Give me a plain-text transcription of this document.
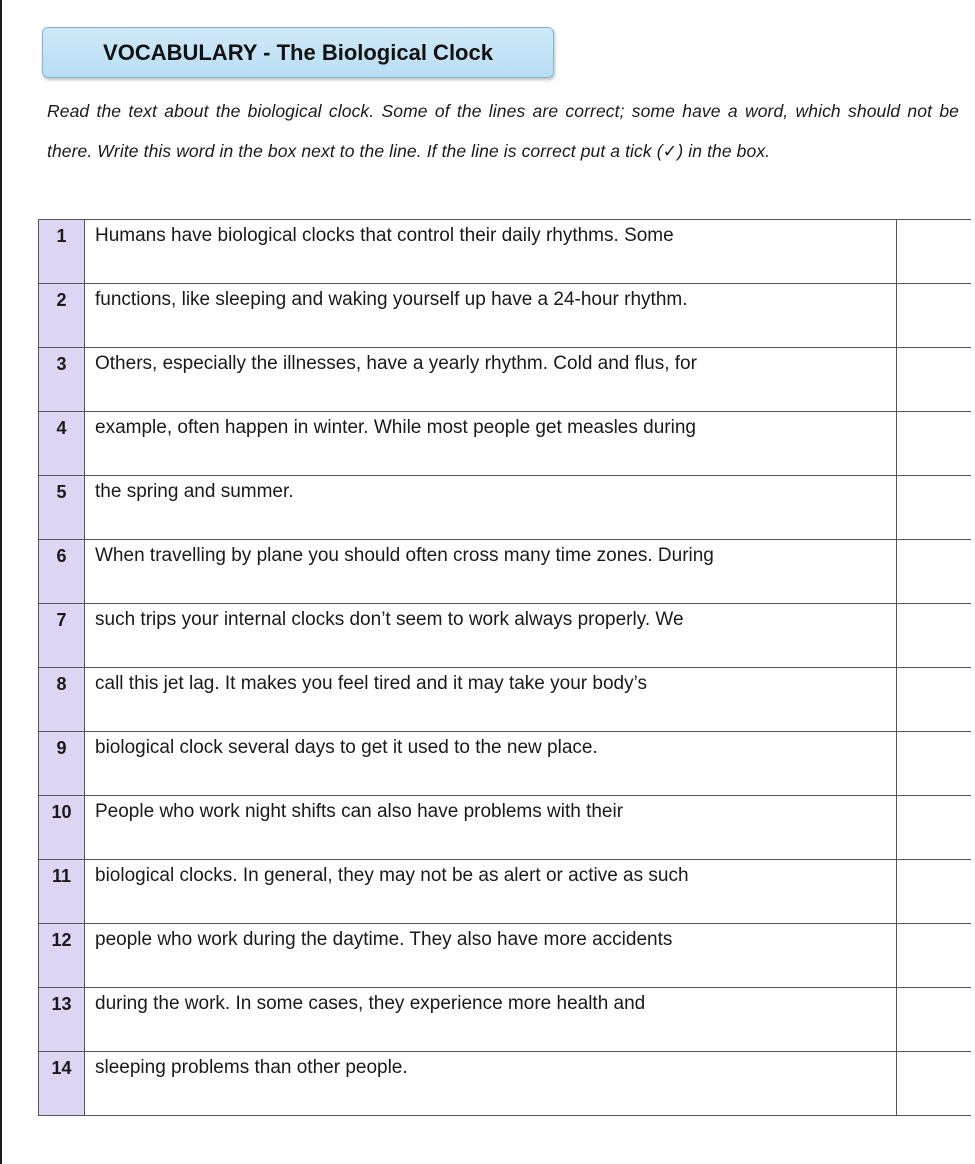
VOCABULARY - The Biological Clock
Read the text about the biological clock. Some of the lines are correct; some have a word, which should not be there. Write this word in the box next to the line. If the line is correct put a tick (✓) in the box.
1	Humans have biological clocks that control their daily rhythms. Some	
2	functions, like sleeping and waking yourself up have a 24-hour rhythm.	
3	Others, especially the illnesses, have a yearly rhythm. Cold and flus, for	
4	example, often happen in winter. While most people get measles during	
5	the spring and summer.	
6	When travelling by plane you should often cross many time zones. During	
7	such trips your internal clocks don’t seem to work always properly. We	
8	call this jet lag. It makes you feel tired and it may take your body’s	
9	biological clock several days to get it used to the new place.	
10	People who work night shifts can also have problems with their	
11	biological clocks. In general, they may not be as alert or active as such	
12	people who work during the daytime. They also have more accidents	
13	during the work. In some cases, they experience more health and	
14	sleeping problems than other people.	
